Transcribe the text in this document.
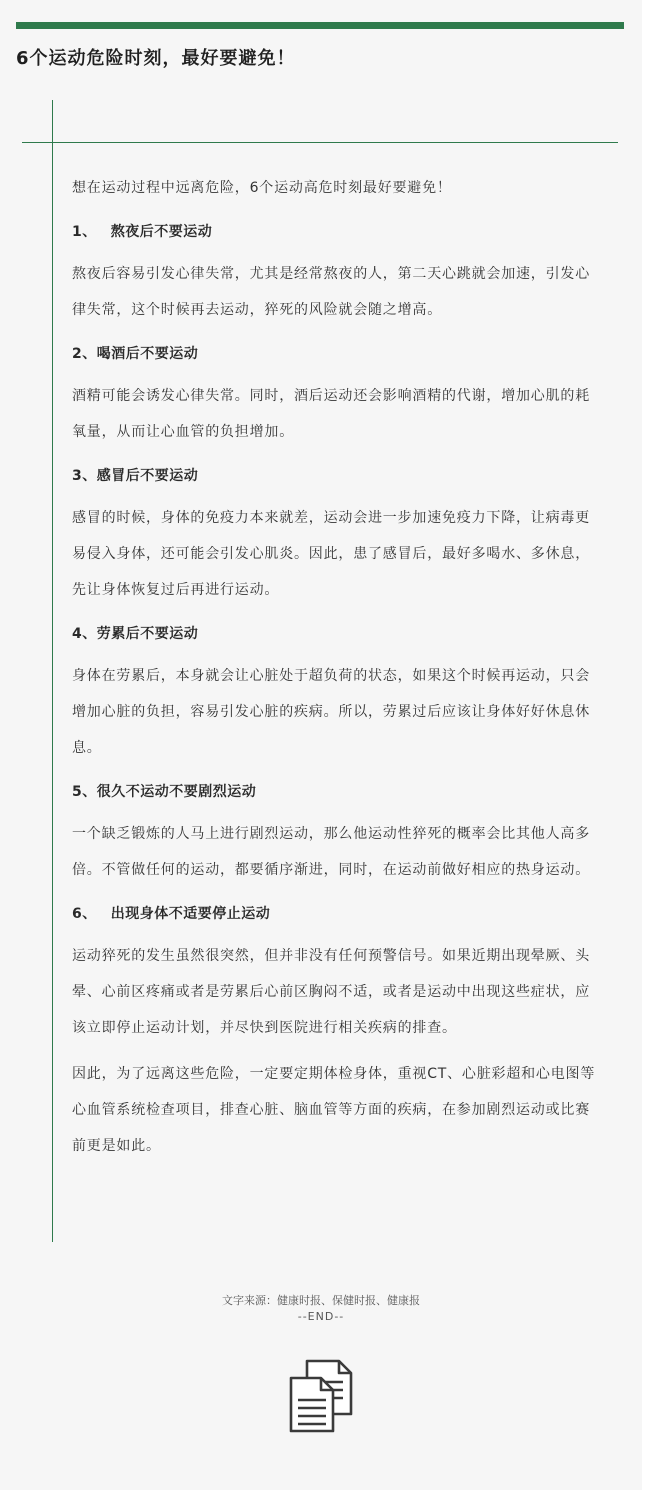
6个运动危险时刻，最好要避免！

想在运动过程中远离危险，6个运动高危时刻最好要避免！

1、 熬夜后不要运动

熬夜后容易引发心律失常，尤其是经常熬夜的人，第二天心跳就会加速，引发心律失常，这个时候再去运动，猝死的风险就会随之增高。

2、喝酒后不要运动

酒精可能会诱发心律失常。同时，酒后运动还会影响酒精的代谢，增加心肌的耗氧量，从而让心血管的负担增加。

3、感冒后不要运动

感冒的时候，身体的免疫力本来就差，运动会进一步加速免疫力下降，让病毒更易侵入身体，还可能会引发心肌炎。因此，患了感冒后，最好多喝水、多休息，先让身体恢复过后再进行运动。

4、劳累后不要运动

身体在劳累后，本身就会让心脏处于超负荷的状态，如果这个时候再运动，只会增加心脏的负担，容易引发心脏的疾病。所以，劳累过后应该让身体好好休息休息。

5、很久不运动不要剧烈运动

一个缺乏锻炼的人马上进行剧烈运动，那么他运动性猝死的概率会比其他人高多倍。不管做任何的运动，都要循序渐进，同时，在运动前做好相应的热身运动。

6、 出现身体不适要停止运动

运动猝死的发生虽然很突然，但并非没有任何预警信号。如果近期出现晕厥、头晕、心前区疼痛或者是劳累后心前区胸闷不适，或者是运动中出现这些症状，应该立即停止运动计划，并尽快到医院进行相关疾病的排查。

因此，为了远离这些危险，一定要定期体检身体，重视CT、心脏彩超和心电图等心血管系统检查项目，排查心脏、脑血管等方面的疾病，在参加剧烈运动或比赛前更是如此。

文字来源：健康时报、保健时报、健康报
--END--
